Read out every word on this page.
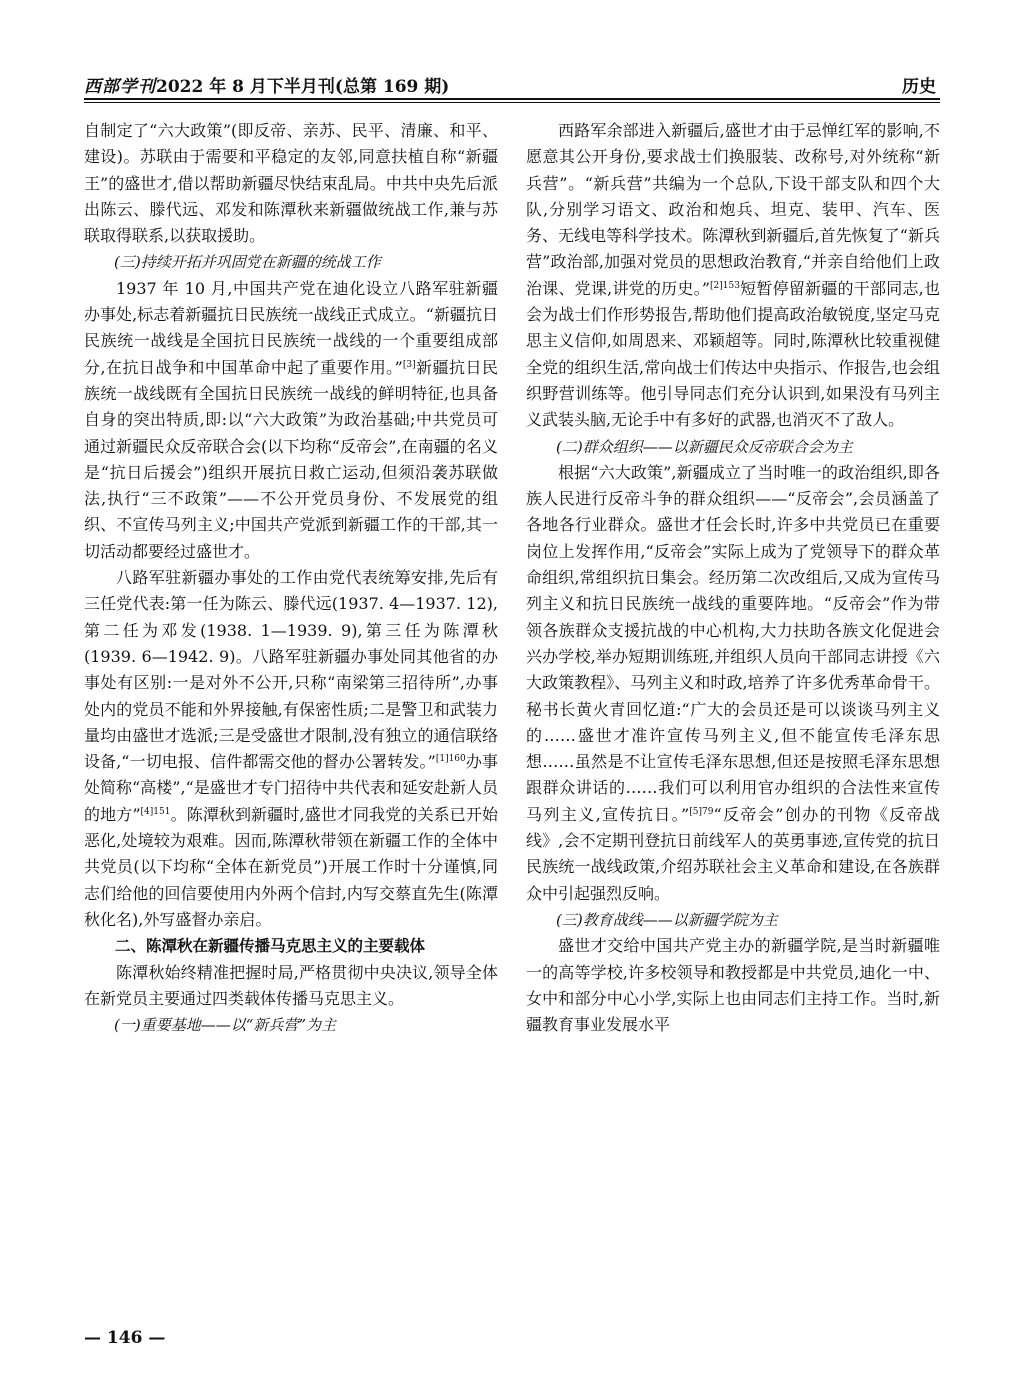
西部学刊2022 年 8 月下半月刊(总第 169 期)	历史

自制定了“六大政策”(即反帝、亲苏、民平、清廉、和平、建设)。苏联由于需要和平稳定的友邻,同意扶植自称“新疆王”的盛世才,借以帮助新疆尽快结束乱局。中共中央先后派出陈云、滕代远、邓发和陈潭秋来新疆做统战工作,兼与苏联取得联系,以获取援助。

(三)持续开拓并巩固党在新疆的统战工作

1937 年 10 月,中国共产党在迪化设立八路军驻新疆办事处,标志着新疆抗日民族统一战线正式成立。“新疆抗日民族统一战线是全国抗日民族统一战线的一个重要组成部分,在抗日战争和中国革命中起了重要作用。”[3]新疆抗日民族统一战线既有全国抗日民族统一战线的鲜明特征,也具备自身的突出特质,即:以“六大政策”为政治基础;中共党员可通过新疆民众反帝联合会(以下均称“反帝会”,在南疆的名义是“抗日后援会”)组织开展抗日救亡运动,但须沿袭苏联做法,执行“三不政策”——不公开党员身份、不发展党的组织、不宣传马列主义;中国共产党派到新疆工作的干部,其一切活动都要经过盛世才。

八路军驻新疆办事处的工作由党代表统筹安排,先后有三任党代表:第一任为陈云、滕代远(1937. 4—1937. 12),第二任为邓发(1938. 1—1939. 9),第三任为陈潭秋(1939. 6—1942. 9)。八路军驻新疆办事处同其他省的办事处有区别:一是对外不公开,只称“南梁第三招待所”,办事处内的党员不能和外界接触,有保密性质;二是警卫和武装力量均由盛世才选派;三是受盛世才限制,没有独立的通信联络设备,“一切电报、信件都需交他的督办公署转发。”$^{[1]160}$办事处简称“高楼”,“是盛世才专门招待中共代表和延安赴新人员的地方”$^{[4]151}$。陈潭秋到新疆时,盛世才同我党的关系已开始恶化,处境较为艰难。因而,陈潭秋带领在新疆工作的全体中共党员(以下均称“全体在新党员”)开展工作时十分谨慎,同志们给他的回信要使用内外两个信封,内写交蔡直先生(陈潭秋化名),外写盛督办亲启。

二、陈潭秋在新疆传播马克思主义的主要载体

陈潭秋始终精准把握时局,严格贯彻中央决议,领导全体在新党员主要通过四类载体传播马克思主义。

(一)重要基地——以“新兵营”为主

西路军余部进入新疆后,盛世才由于忌惮红军的影响,不愿意其公开身份,要求战士们换服装、改称号,对外统称“新兵营”。“新兵营”共编为一个总队,下设干部支队和四个大队,分别学习语文、政治和炮兵、坦克、装甲、汽车、医务、无线电等科学技术。陈潭秋到新疆后,首先恢复了“新兵营”政治部,加强对党员的思想政治教育,“并亲自给他们上政治课、党课,讲党的历史。”$^{[2]153}$短暂停留新疆的干部同志,也会为战士们作形势报告,帮助他们提高政治敏锐度,坚定马克思主义信仰,如周恩来、邓颖超等。同时,陈潭秋比较重视健全党的组织生活,常向战士们传达中央指示、作报告,也会组织野营训练等。他引导同志们充分认识到,如果没有马列主义武装头脑,无论手中有多好的武器,也消灭不了敌人。

(二)群众组织——以新疆民众反帝联合会为主

根据“六大政策”,新疆成立了当时唯一的政治组织,即各族人民进行反帝斗争的群众组织——“反帝会”,会员涵盖了各地各行业群众。盛世才任会长时,许多中共党员已在重要岗位上发挥作用,“反帝会”实际上成为了党领导下的群众革命组织,常组织抗日集会。经历第二次改组后,又成为宣传马列主义和抗日民族统一战线的重要阵地。“反帝会”作为带领各族群众支援抗战的中心机构,大力扶助各族文化促进会兴办学校,举办短期训练班,并组织人员向干部同志讲授《六大政策教程》、马列主义和时政,培养了许多优秀革命骨干。秘书长黄火青回忆道:“广大的会员还是可以谈谈马列主义的……盛世才准许宣传马列主义,但不能宣传毛泽东思想……虽然是不让宣传毛泽东思想,但还是按照毛泽东思想跟群众讲话的……我们可以利用官办组织的合法性来宣传马列主义,宣传抗日。”$^{[5]79}$“反帝会”创办的刊物《反帝战线》,会不定期刊登抗日前线军人的英勇事迹,宣传党的抗日民族统一战线政策,介绍苏联社会主义革命和建设,在各族群众中引起强烈反响。

(三)教育战线——以新疆学院为主

盛世才交给中国共产党主办的新疆学院,是当时新疆唯一的高等学校,许多校领导和教授都是中共党员,迪化一中、女中和部分中心小学,实际上也由同志们主持工作。当时,新疆教育事业发展水平

— 146 —
